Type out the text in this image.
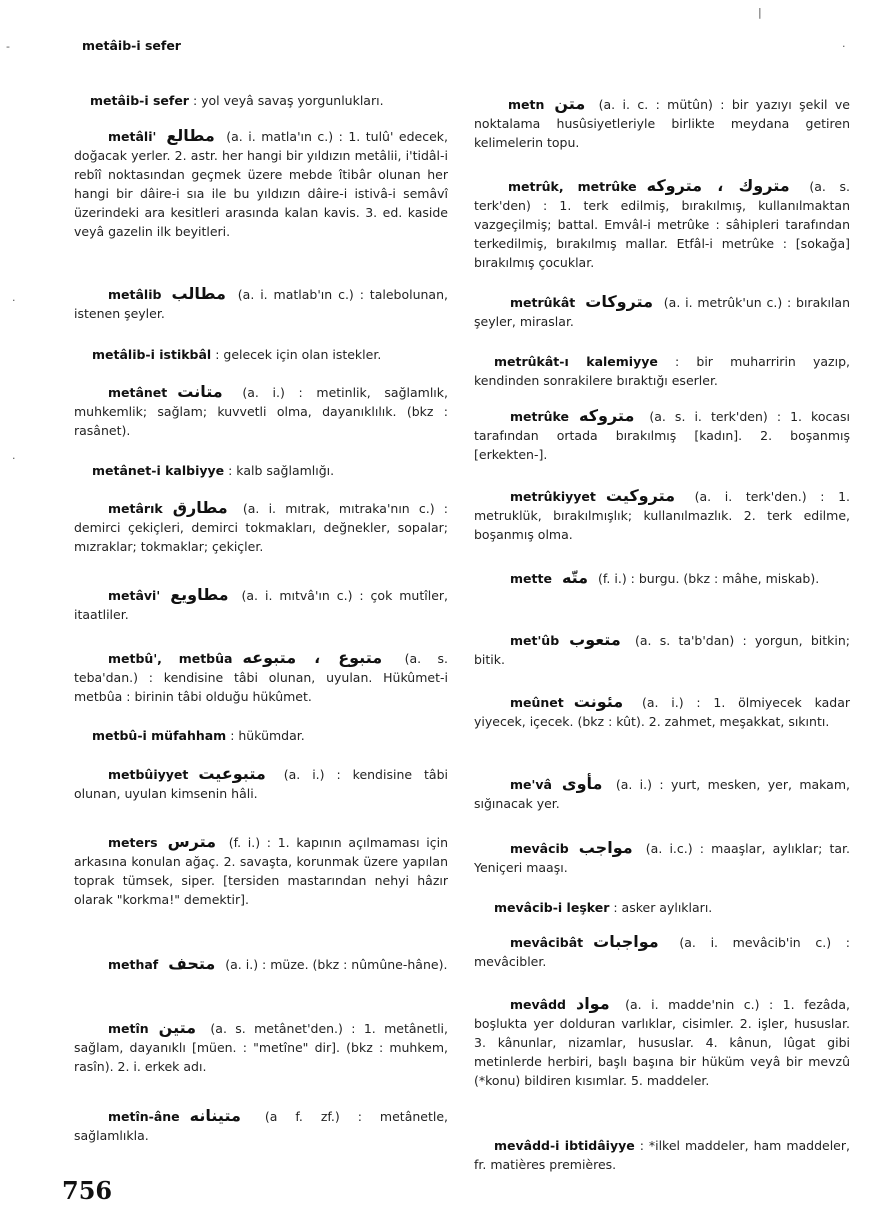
metâib-i sefer
|
-
·
·
·

metâib-i sefer : yol veyâ savaş yorgunlukları.

metâli' مطالع (a. i. matla'ın c.) : 1. tulû' edecek, doğacak yerler. 2. astr. her hangi bir yıldızın metâlii, i'tidâl-i rebîî noktasından geçmek üzere mebde îtibâr olunan her hangi bir dâire-i sıa ile bu yıldızın dâire-i istivâ-i semâvî üzerindeki ara kesitleri arasında kalan kavis. 3. ed. kaside veyâ gazelin ilk beyitleri.

metâlib مطالب (a. i. matlab'ın c.) : talebolunan, istenen şeyler.

metâlib-i istikbâl : gelecek için olan istekler.

metânet متانت (a. i.) : metinlik, sağlamlık, muhkemlik; sağlam; kuvvetli olma, dayanıklılık. (bkz : rasânet).

metânet-i kalbiyye : kalb sağlamlığı.

metârık مطارق (a. i. mıtrak, mıtraka'nın c.) : demirci çekiçleri, demirci tokmakları, değnekler, sopalar; mızraklar; tokmaklar; çekiçler.

metâvi' مطاويع (a. i. mıtvâ'ın c.) : çok mutîler, itaatliler.

metbû', metbûa متبوع ، متبوعه (a. s. teba'dan.) : kendisine tâbi olunan, uyulan. Hükûmet-i metbûa : birinin tâbi olduğu hükûmet.

metbû-i müfahham : hükümdar.

metbûiyyet متبوعيت (a. i.) : kendisine tâbi olunan, uyulan kimsenin hâli.

meters مترس (f. i.) : 1. kapının açılmaması için arkasına konulan ağaç. 2. savaşta, korunmak üzere yapılan toprak tümsek, siper. [tersiden mastarından nehyi hâzır olarak "korkma!" demektir].

methaf متحف (a. i.) : müze. (bkz : nûmûne-hâne).

metîn متين (a. s. metânet'den.) : 1. metânetli, sağlam, dayanıklı [müen. : "metîne" dir]. (bkz : muhkem, rasîn). 2. i. erkek adı.

metîn-âne متينانه (a f. zf.) : metânetle, sağlamlıkla.

metn متن (a. i. c. : mütûn) : bir yazıyı şekil ve noktalama husûsiyetleriyle birlikte meydana getiren kelimelerin topu.

metrûk, metrûke متروك ، متروكه (a. s. terk'den) : 1. terk edilmiş, bırakılmış, kullanılmaktan vazgeçilmiş; battal. Emvâl-i metrûke : sâhipleri tarafından terkedilmiş, bırakılmış mallar. Etfâl-i metrûke : [sokağa] bırakılmış çocuklar.

metrûkât متروكات (a. i. metrûk'un c.) : bırakılan şeyler, miraslar.

metrûkât-ı kalemiyye : bir muharririn yazıp, kendinden sonrakilere bıraktığı eserler.

metrûke متروكه (a. s. i. terk'den) : 1. kocası tarafından ortada bırakılmış [kadın]. 2. boşanmış [erkekten-].

metrûkiyyet متروكيت (a. i. terk'den.) : 1. metruklük, bırakılmışlık; kullanılmazlık. 2. terk edilme, boşanmış olma.

mette متّه (f. i.) : burgu. (bkz : mâhe, miskab).

met'ûb متعوب (a. s. ta'b'dan) : yorgun, bitkin; bitik.

meûnet مئونت (a. i.) : 1. ölmiyecek kadar yiyecek, içecek. (bkz : kût). 2. zahmet, meşakkat, sıkıntı.

me'vâ مأوى (a. i.) : yurt, mesken, yer, makam, sığınacak yer.

mevâcib مواجب (a. i.c.) : maaşlar, aylıklar; tar. Yeniçeri maaşı.

mevâcib-i leşker : asker aylıkları.

mevâcibât مواجبات (a. i. mevâcib'in c.) : mevâcibler.

mevâdd مواد (a. i. madde'nin c.) : 1. fezâda, boşlukta yer dolduran varlıklar, cisimler. 2. işler, hususlar. 3. kânunlar, nizamlar, hususlar. 4. kânun, lûgat gibi metinlerde herbiri, başlı başına bir hüküm veyâ bir mevzû (*konu) bildiren kısımlar. 5. maddeler.

mevâdd-i ibtidâiyye : *ilkel maddeler, ham maddeler, fr. matières premières.

756
